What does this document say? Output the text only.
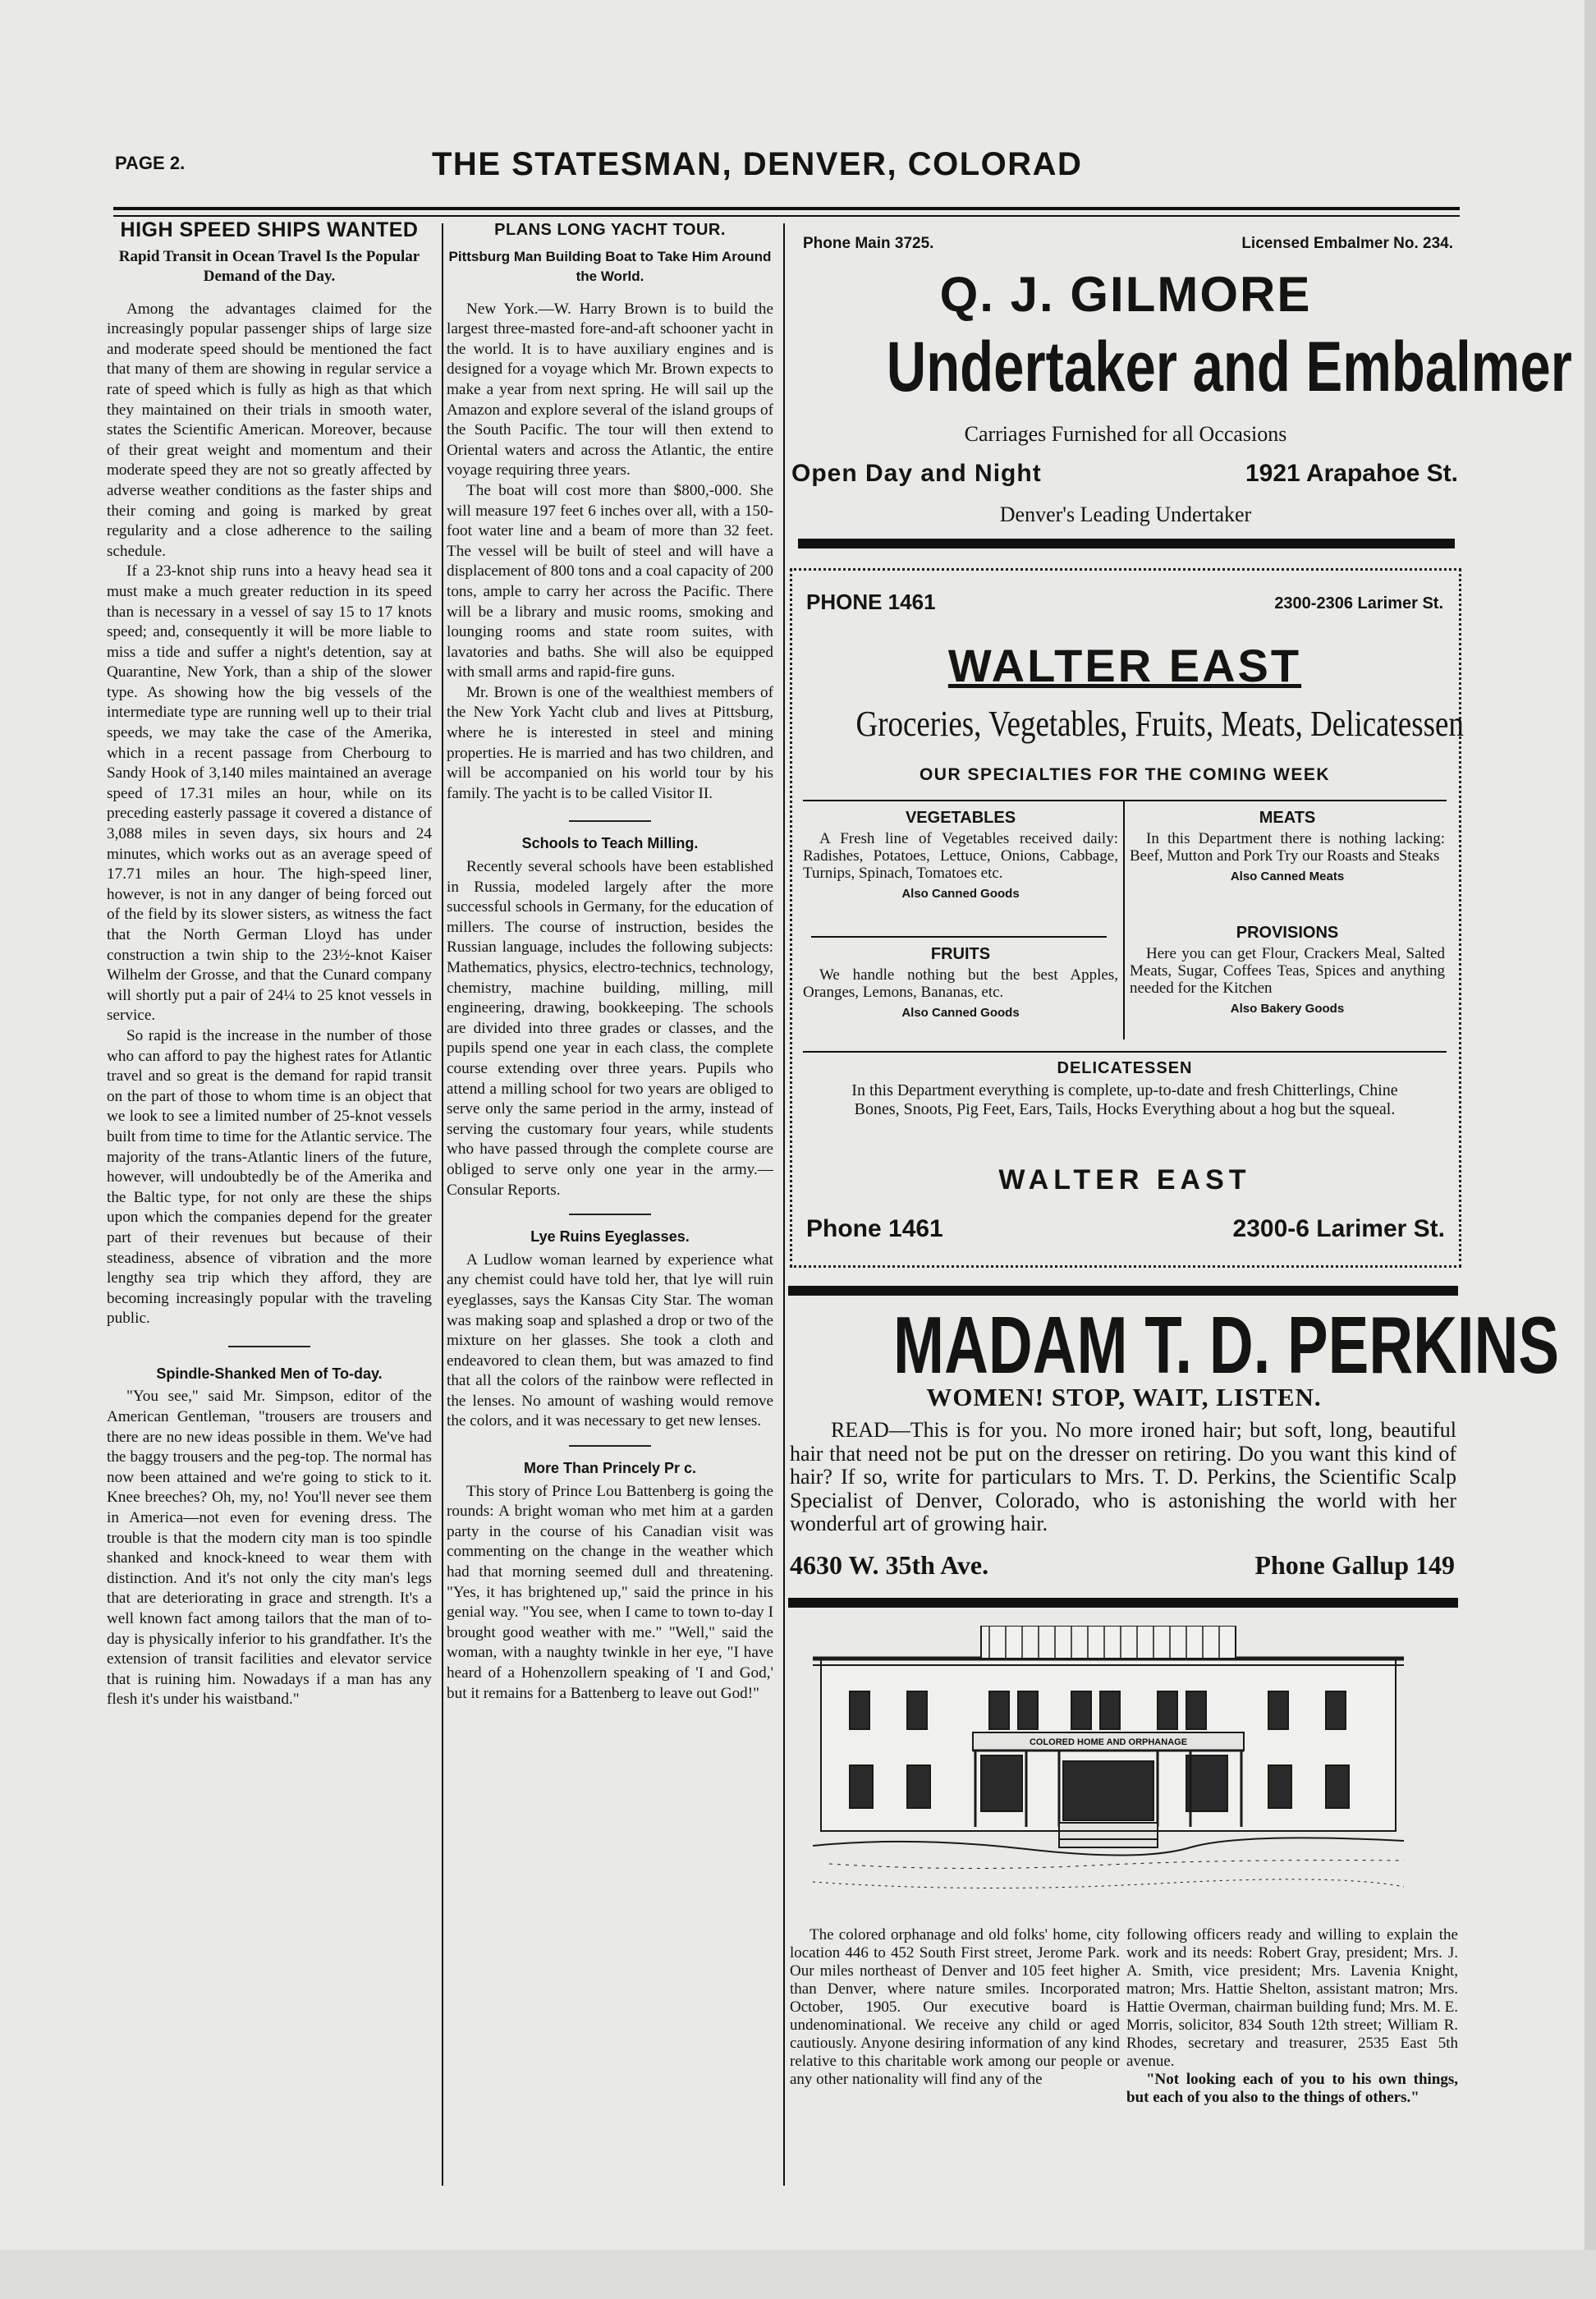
PAGE 2.	THE STATESMAN, DENVER, COLORAD
HIGH SPEED SHIPS WANTED
Rapid Transit in Ocean Travel Is the Popular Demand of the Day.

Among the advantages claimed for the increasingly popular passenger ships of large size and moderate speed should be mentioned the fact that many of them are showing in regular service a rate of speed which is fully as high as that which they maintained on their trials in smooth water, states the Scientific American. Moreover, because of their great weight and momentum and their moderate speed they are not so greatly affected by adverse weather conditions as the faster ships and their coming and going is marked by great regularity and a close adherence to the sailing schedule.

If a 23-knot ship runs into a heavy head sea it must make a much greater reduction in its speed than is necessary in a vessel of say 15 to 17 knots speed; and, consequently it will be more liable to miss a tide and suffer a night's detention, say at Quarantine, New York, than a ship of the slower type. As showing how the big vessels of the intermediate type are running well up to their trial speeds, we may take the case of the Amerika, which in a recent passage from Cherbourg to Sandy Hook of 3,140 miles maintained an average speed of 17.31 miles an hour, while on its preceding easterly passage it covered a distance of 3,088 miles in seven days, six hours and 24 minutes, which works out as an average speed of 17.71 miles an hour. The high-speed liner, however, is not in any danger of being forced out of the field by its slower sisters, as witness the fact that the North German Lloyd has under construction a twin ship to the 23½-knot Kaiser Wilhelm der Grosse, and that the Cunard company will shortly put a pair of 24¼ to 25 knot vessels in service.

So rapid is the increase in the number of those who can afford to pay the highest rates for Atlantic travel and so great is the demand for rapid transit on the part of those to whom time is an object that we look to see a limited number of 25-knot vessels built from time to time for the Atlantic service. The majority of the trans-Atlantic liners of the future, however, will undoubtedly be of the Amerika and the Baltic type, for not only are these the ships upon which the companies depend for the greater part of their revenues but because of their steadiness, absence of vibration and the more lengthy sea trip which they afford, they are becoming increasingly popular with the traveling public.

Spindle-Shanked Men of To-day.

"You see," said Mr. Simpson, editor of the American Gentleman, "trousers are trousers and there are no new ideas possible in them. We've had the baggy trousers and the peg-top. The normal has now been attained and we're going to stick to it. Knee breeches? Oh, my, no! You'll never see them in America—not even for evening dress. The trouble is that the modern city man is too spindle shanked and knock-kneed to wear them with distinction. And it's not only the city man's legs that are deteriorating in grace and strength. It's a well known fact among tailors that the man of to-day is physically inferior to his grandfather. It's the extension of transit facilities and elevator service that is ruining him. Nowadays if a man has any flesh it's under his waistband."

PLANS LONG YACHT TOUR.
Pittsburg Man Building Boat to Take Him Around the World.

New York.—W. Harry Brown is to build the largest three-masted fore-and-aft schooner yacht in the world. It is to have auxiliary engines and is designed for a voyage which Mr. Brown expects to make a year from next spring. He will sail up the Amazon and explore several of the island groups of the South Pacific. The tour will then extend to Oriental waters and across the Atlantic, the entire voyage requiring three years.

The boat will cost more than $800,-000. She will measure 197 feet 6 inches over all, with a 150-foot water line and a beam of more than 32 feet. The vessel will be built of steel and will have a displacement of 800 tons and a coal capacity of 200 tons, ample to carry her across the Pacific. There will be a library and music rooms, smoking and lounging rooms and state room suites, with lavatories and baths. She will also be equipped with small arms and rapid-fire guns.

Mr. Brown is one of the wealthiest members of the New York Yacht club and lives at Pittsburg, where he is interested in steel and mining properties. He is married and has two children, and will be accompanied on his world tour by his family. The yacht is to be called Visitor II.

Schools to Teach Milling.

Recently several schools have been established in Russia, modeled largely after the more successful schools in Germany, for the education of millers. The course of instruction, besides the Russian language, includes the following subjects: Mathematics, physics, electro-technics, technology, chemistry, machine building, milling, mill engineering, drawing, bookkeeping. The schools are divided into three grades or classes, and the pupils spend one year in each class, the complete course extending over three years. Pupils who attend a milling school for two years are obliged to serve only the same period in the army, instead of serving the customary four years, while students who have passed through the complete course are obliged to serve only one year in the army.—Consular Reports.

Lye Ruins Eyeglasses.

A Ludlow woman learned by experience what any chemist could have told her, that lye will ruin eyeglasses, says the Kansas City Star. The woman was making soap and splashed a drop or two of the mixture on her glasses. She took a cloth and endeavored to clean them, but was amazed to find that all the colors of the rainbow were reflected in the lenses. No amount of washing would remove the colors, and it was necessary to get new lenses.

More Than Princely Pr c.

This story of Prince Lou Battenberg is going the rounds: A bright woman who met him at a garden party in the course of his Canadian visit was commenting on the change in the weather which had that morning seemed dull and threatening. "Yes, it has brightened up," said the prince in his genial way. "You see, when I came to town to-day I brought good weather with me." "Well," said the woman, with a naughty twinkle in her eye, "I have heard of a Hohenzollern speaking of 'I and God,' but it remains for a Battenberg to leave out God!"

Phone Main 3725.	Licensed Embalmer No. 234.
Q. J. GILMORE
Undertaker and Embalmer
Carriages Furnished for all Occasions
Open Day and Night	1921 Arapahoe St.
Denver's Leading Undertaker
PHONE 1461	2300-2306 Larimer St.
WALTER EAST
Groceries, Vegetables, Fruits, Meats, Delicatessen
OUR SPECIALTIES FOR THE COMING WEEK
VEGETABLES
A Fresh line of Vegetables received daily: Radishes, Potatoes, Lettuce, Onions, Cabbage, Turnips, Spinach, Tomatoes etc.
Also Canned Goods
MEATS
In this Department there is nothing lacking: Beef, Mutton and Pork Try our Roasts and Steaks
Also Canned Meats
FRUITS
We handle nothing but the best Apples, Oranges, Lemons, Bananas, etc.
Also Canned Goods
PROVISIONS
Here you can get Flour, Crackers Meal, Salted Meats, Sugar, Coffees Teas, Spices and anything needed for the Kitchen
Also Bakery Goods
DELICATESSEN
In this Department everything is complete, up-to-date and fresh Chitterlings, Chine Bones, Snoots, Pig Feet, Ears, Tails, Hocks Everything about a hog but the squeal.
WALTER EAST
Phone 1461	2300-6 Larimer St.
MADAM T. D. PERKINS
WOMEN! STOP, WAIT, LISTEN.
READ—This is for you. No more ironed hair; but soft, long, beautiful hair that need not be put on the dresser on retiring. Do you want this kind of hair? If so, write for particulars to Mrs. T. D. Perkins, the Scientific Scalp Specialist of Denver, Colorado, who is astonishing the world with her wonderful art of growing hair.
4630 W. 35th Ave.	Phone Gallup 149
COLORED HOME AND ORPHANAGE

The colored orphanage and old folks' home, city location 446 to 452 South First street, Jerome Park. Our miles northeast of Denver and 105 feet higher than Denver, where nature smiles. Incorporated October, 1905. Our executive board is undenominational. We receive any child or aged cautiously. Anyone desiring information of any kind relative to this charitable work among our people or any other nationality will find any of the

following officers ready and willing to explain the work and its needs: Robert Gray, president; Mrs. J. A. Smith, vice president; Mrs. Lavenia Knight, matron; Mrs. Hattie Shelton, assistant matron; Mrs. Hattie Overman, chairman building fund; Mrs. M. E. Morris, solicitor, 834 South 12th street; William R. Rhodes, secretary and treasurer, 2535 East 5th avenue.

"Not looking each of you to his own things, but each of you also to the things of others."
